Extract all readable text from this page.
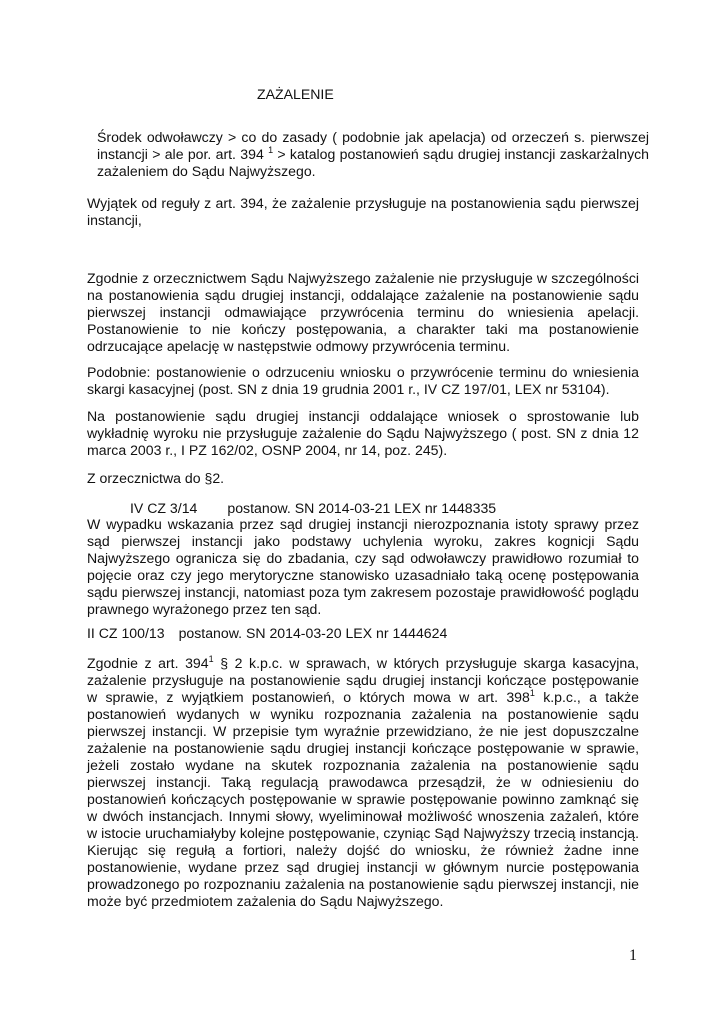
ZAŻALENIE

Środek odwoławczy > co do zasady ( podobnie jak apelacja) od orzeczeń s. pierwszej instancji > ale por. art. 394 $^1$ > katalog postanowień sądu drugiej instancji zaskarżalnych zażaleniem do Sądu Najwyższego.

Wyjątek od reguły z art. 394, że zażalenie przysługuje na postanowienia sądu pierwszej instancji,

Zgodnie z orzecznictwem Sądu Najwyższego zażalenie nie przysługuje w szczególności na postanowienia sądu drugiej instancji, oddalające zażalenie na postanowienie sądu pierwszej instancji odmawiające przywrócenia terminu do wniesienia apelacji. Postanowienie to nie kończy postępowania, a charakter taki ma postanowienie odrzucające apelację w następstwie odmowy przywrócenia terminu.

Podobnie: postanowienie o odrzuceniu wniosku o przywrócenie terminu do wniesienia skargi kasacyjnej (post. SN z dnia 19 grudnia 2001 r., IV CZ 197/01, LEX nr 53104).

Na postanowienie sądu drugiej instancji oddalające wniosek o sprostowanie lub wykładnię wyroku nie przysługuje zażalenie do Sądu Najwyższego ( post. SN z dnia 12 marca 2003 r., I PZ 162/02, OSNP 2004, nr 14, poz. 245).

Z orzecznictwa do §2.

IV CZ 3/14 postanow. SN 2014-03-21 LEX nr 1448335

W wypadku wskazania przez sąd drugiej instancji nierozpoznania istoty sprawy przez sąd pierwszej instancji jako podstawy uchylenia wyroku, zakres kognicji Sądu Najwyższego ogranicza się do zbadania, czy sąd odwoławczy prawidłowo rozumiał to pojęcie oraz czy jego merytoryczne stanowisko uzasadniało taką ocenę postępowania sądu pierwszej instancji, natomiast poza tym zakresem pozostaje prawidłowość poglądu prawnego wyrażonego przez ten sąd.

II CZ 100/13 postanow. SN 2014-03-20 LEX nr 1444624

Zgodnie z art. $394^1$ § 2 k.p.c. w sprawach, w których przysługuje skarga kasacyjna, zażalenie przysługuje na postanowienie sądu drugiej instancji kończące postępowanie w sprawie, z wyjątkiem postanowień, o których mowa w art. $398^1$ k.p.c., a także postanowień wydanych w wyniku rozpoznania zażalenia na postanowienie sądu pierwszej instancji. W przepisie tym wyraźnie przewidziano, że nie jest dopuszczalne zażalenie na postanowienie sądu drugiej instancji kończące postępowanie w sprawie, jeżeli zostało wydane na skutek rozpoznania zażalenia na postanowienie sądu pierwszej instancji. Taką regulacją prawodawca przesądził, że w odniesieniu do postanowień kończących postępowanie w sprawie postępowanie powinno zamknąć się w dwóch instancjach. Innymi słowy, wyeliminował możliwość wnoszenia zażaleń, które w istocie uruchamiałyby kolejne postępowanie, czyniąc Sąd Najwyższy trzecią instancją. Kierując się regułą a fortiori, należy dojść do wniosku, że również żadne inne postanowienie, wydane przez sąd drugiej instancji w głównym nurcie postępowania prowadzonego po rozpoznaniu zażalenia na postanowienie sądu pierwszej instancji, nie może być przedmiotem zażalenia do Sądu Najwyższego.

1
